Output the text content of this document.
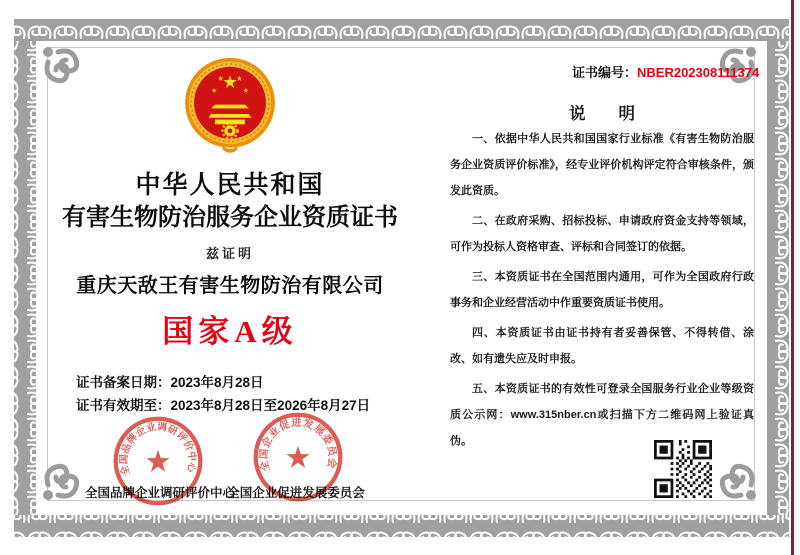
中华人民共和国
有害生物防治服务企业资质证书
兹证明
重庆天敌王有害生物防治有限公司
国家A级
证书备案日期：2023年8月28日
证书有效期至：2023年8月28日至2026年8月27日
全国品牌企业调研评价中心
全国企业促进发展委员会
全国品牌企业调研评价中心	全国企业促进发展委员会
证书编号：NBER202308111374
说　　明

一、依据中华人民共和国国家行业标准《有害生物防治服务企业资质评价标准》，经专业评价机构评定符合审核条件，颁发此资质。

二、在政府采购、招标投标、申请政府资金支持等领域，可作为投标人资格审查、评标和合同签订的依据。

三、本资质证书在全国范围内通用，可作为全国政府行政事务和企业经营活动中作重要资质证书使用。

四、本资质证书由证书持有者妥善保管、不得转借、涂改、如有遗失应及时申报。

五、本资质证书的有效性可登录全国服务行业企业等级资质公示网：www.315nber.cn或扫描下方二维码网上验证真伪。
